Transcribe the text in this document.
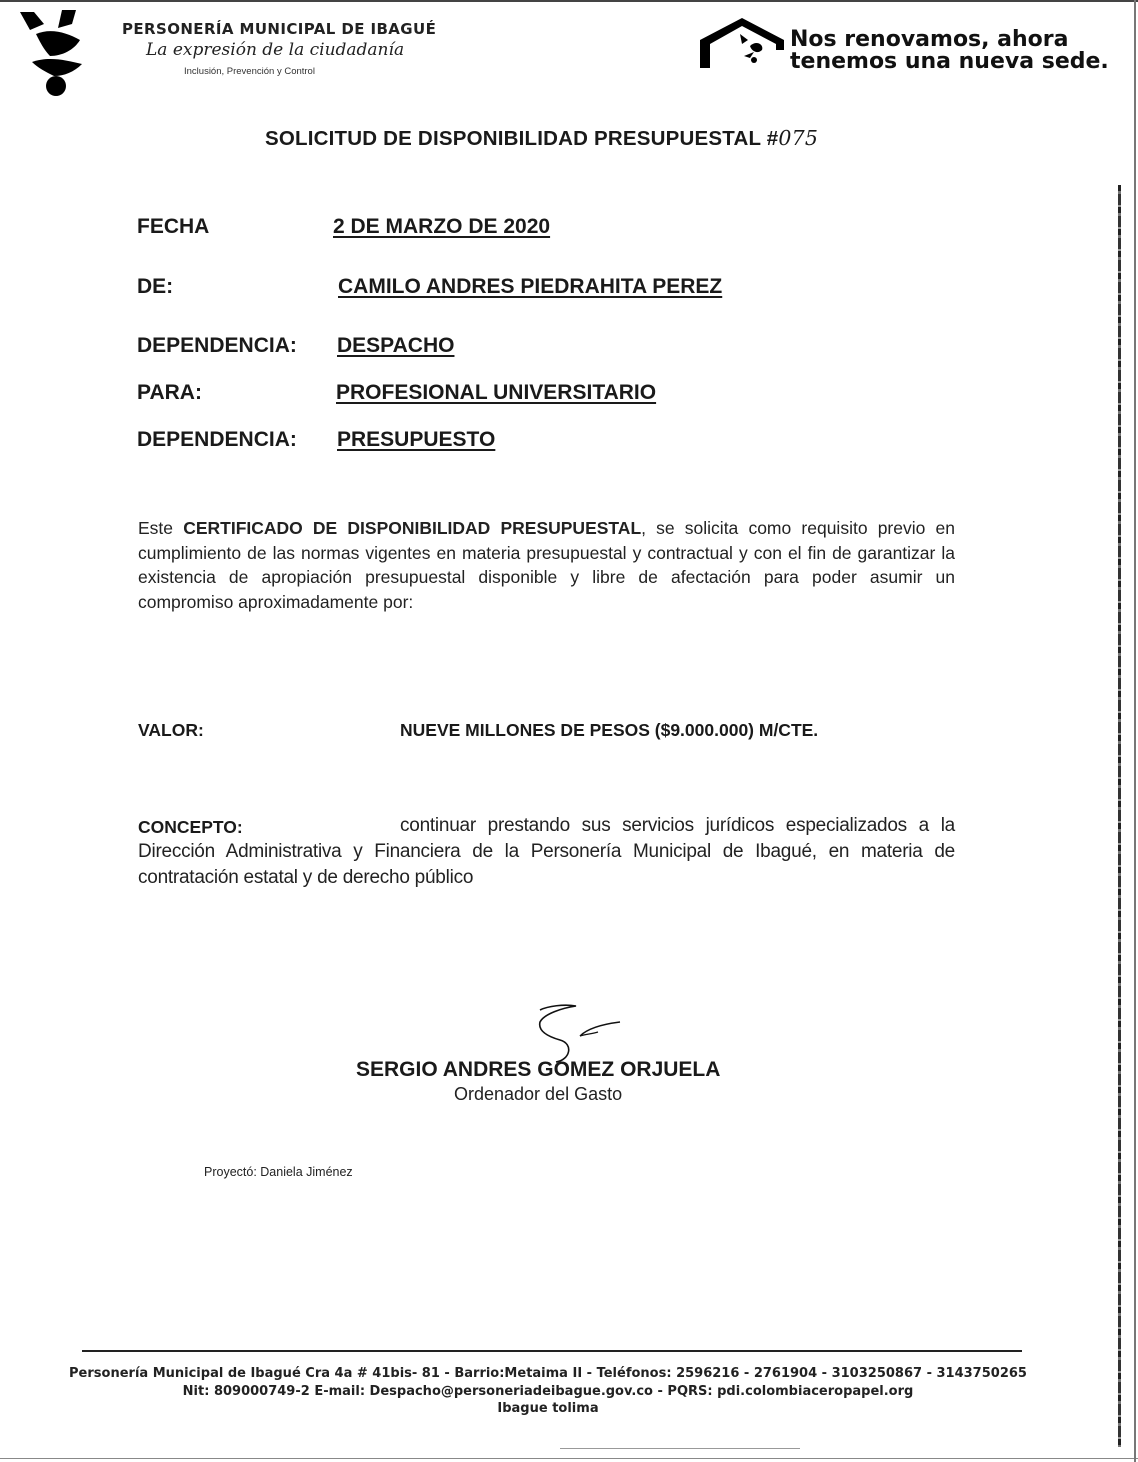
PERSONERÍA MUNICIPAL DE IBAGUÉ
La expresión de la ciudadanía
Inclusión, Prevención y Control
Nos renovamos, ahora
tenemos una nueva sede.
SOLICITUD DE DISPONIBILIDAD PRESUPUESTAL #075
FECHA	2 DE MARZO DE 2020
DE:	CAMILO ANDRES PIEDRAHITA PEREZ
DEPENDENCIA: DESPACHO
PARA:	PROFESIONAL UNIVERSITARIO
DEPENDENCIA: PRESUPUESTO
Este CERTIFICADO DE DISPONIBILIDAD PRESUPUESTAL, se solicita como requisito previo en cumplimiento de las normas vigentes en materia presupuestal y contractual y con el fin de garantizar la existencia de apropiación presupuestal disponible y libre de afectación para poder asumir un compromiso aproximadamente por:
VALOR:	NUEVE MILLONES DE PESOS ($9.000.000) M/CTE.
CONCEPTO:	continuar prestando sus servicios jurídicos especializados a la Dirección Administrativa y Financiera de la Personería Municipal de Ibagué, en materia de contratación estatal y de derecho público
SERGIO ANDRES GOMEZ ORJUELA
Ordenador del Gasto
Proyectó: Daniela Jiménez
Personería Municipal de Ibagué Cra 4a # 41bis- 81 - Barrio:Metaima II - Teléfonos: 2596216 - 2761904 - 3103250867 - 3143750265
Nit: 809000749-2 E-mail: Despacho@personeriadeibague.gov.co - PQRS: pdi.colombiaceropapel.org
Ibague tolima
